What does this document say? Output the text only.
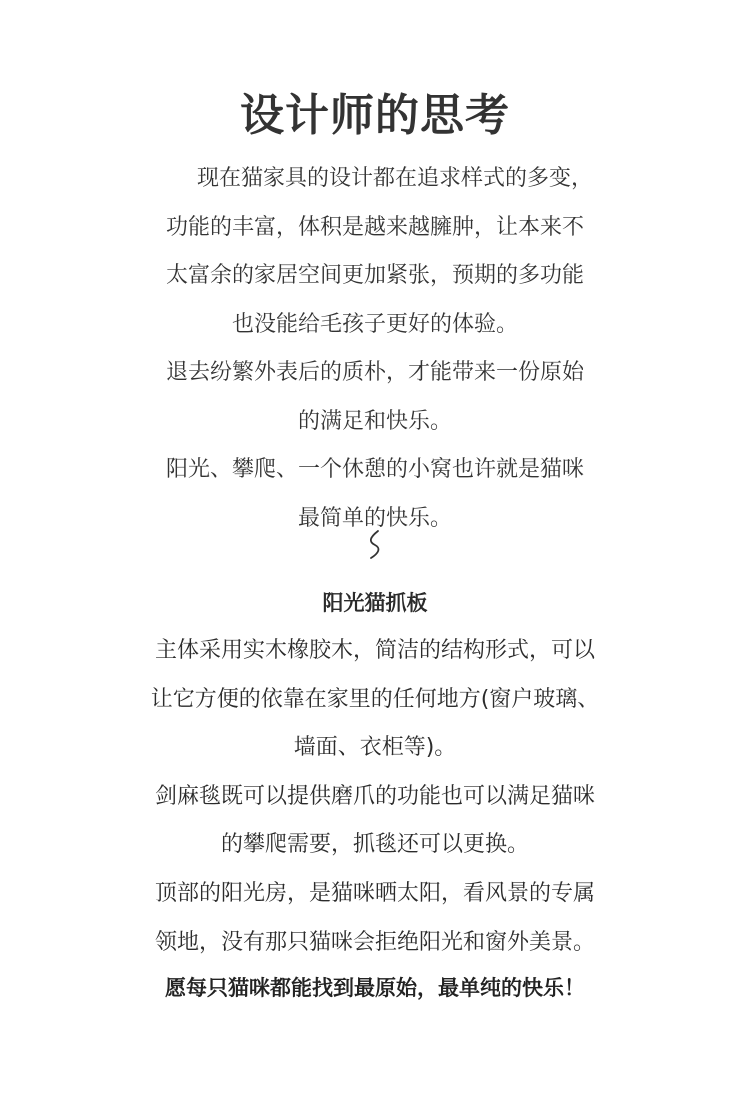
设计师的思考
现在猫家具的设计都在追求样式的多变，
功能的丰富，体积是越来越臃肿，让本来不
太富余的家居空间更加紧张，预期的多功能
也没能给毛孩子更好的体验。
退去纷繁外表后的质朴，才能带来一份原始
的满足和快乐。
阳光、攀爬、一个休憩的小窝也许就是猫咪
最简单的快乐。
阳光猫抓板
主体采用实木橡胶木，简洁的结构形式，可以
让它方便的依靠在家里的任何地方(窗户玻璃、
墙面、衣柜等)。
剑麻毯既可以提供磨爪的功能也可以满足猫咪
的攀爬需要，抓毯还可以更换。
顶部的阳光房，是猫咪晒太阳，看风景的专属
领地，没有那只猫咪会拒绝阳光和窗外美景。
愿每只猫咪都能找到最原始，最单纯的快乐！
